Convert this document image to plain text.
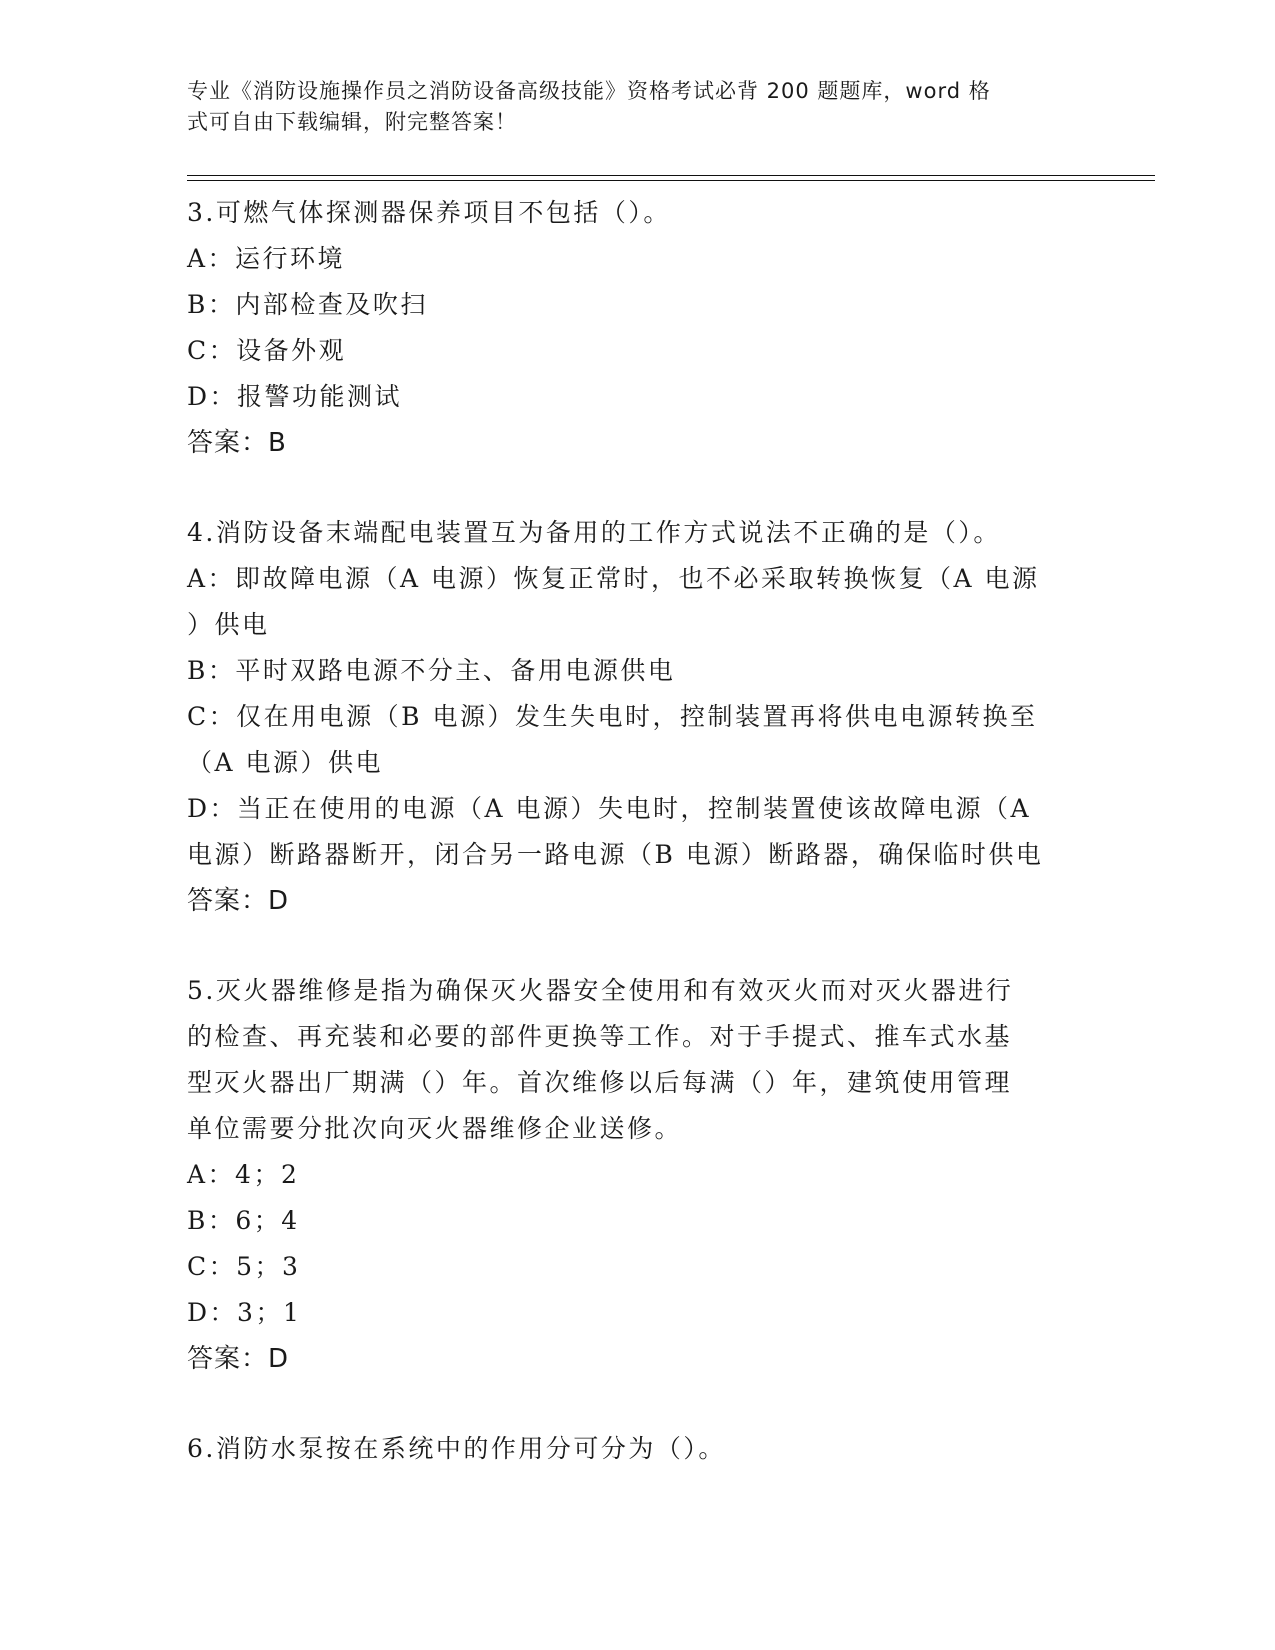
专业《消防设施操作员之消防设备高级技能》资格考试必背 200 题题库，word 格
式可自由下载编辑，附完整答案！

3.可燃气体探测器保养项目不包括（）。

A：运行环境

B：内部检查及吹扫

C：设备外观

D：报警功能测试

答案：B

4.消防设备末端配电装置互为备用的工作方式说法不正确的是（）。

A：即故障电源（A 电源）恢复正常时，也不必采取转换恢复（A 电源

）供电

B：平时双路电源不分主、备用电源供电

C：仅在用电源（B 电源）发生失电时，控制装置再将供电电源转换至

（A 电源）供电

D：当正在使用的电源（A 电源）失电时，控制装置使该故障电源（A

电源）断路器断开，闭合另一路电源（B 电源）断路器，确保临时供电

答案：D

5.灭火器维修是指为确保灭火器安全使用和有效灭火而对灭火器进行

的检查、再充装和必要的部件更换等工作。对于手提式、推车式水基

型灭火器出厂期满（）年。首次维修以后每满（）年，建筑使用管理

单位需要分批次向灭火器维修企业送修。

A：4；2

B：6；4

C：5；3

D：3；1

答案：D

6.消防水泵按在系统中的作用分可分为（）。
